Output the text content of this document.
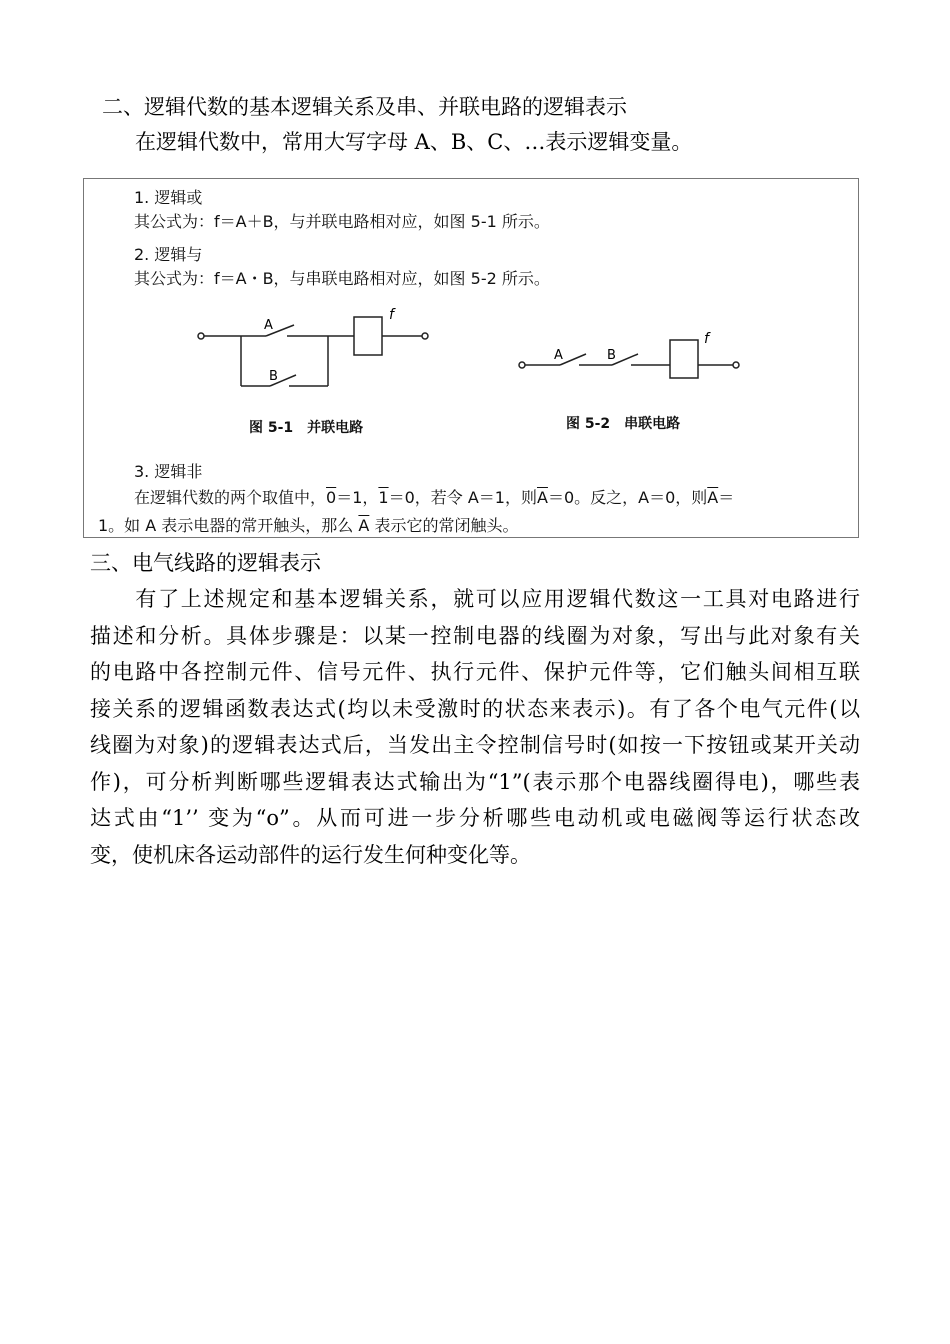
二、逻辑代数的基本逻辑关系及串、并联电路的逻辑表示
在逻辑代数中，常用大写字母 A、B、C、…表示逻辑变量。
1. 逻辑或
其公式为：f＝A＋B，与并联电路相对应，如图 5-1 所示。
2. 逻辑与
其公式为：f＝A・B，与串联电路相对应，如图 5-2 所示。
A
B
f
图 5-1　并联电路
A	B
f
图 5-2　串联电路
3. 逻辑非
在逻辑代数的两个取值中，0＝1，1＝0，若令 A＝1，则$\overline{A}=0$。反之，A＝0，则$\overline{A}=$
1。如 A 表示电器的常开触头，那么 $\overline{A}$ 表示它的常闭触头。
三、电气线路的逻辑表示
　　有了上述规定和基本逻辑关系，就可以应用逻辑代数这一工具对电路进行
描述和分析。具体步骤是：以某一控制电器的线圈为对象，写出与此对象有关
的电路中各控制元件、信号元件、执行元件、保护元件等，它们触头间相互联
接关系的逻辑函数表达式(均以未受激时的状态来表示)。有了各个电气元件(以
线圈为对象)的逻辑表达式后，当发出主令控制信号时(如按一下按钮或某开关动
作)，可分析判断哪些逻辑表达式输出为“1”(表示那个电器线圈得电)，哪些表
达式由“1’’ 变为“o”。从而可进一步分析哪些电动机或电磁阀等运行状态改
变，使机床各运动部件的运行发生何种变化等。
